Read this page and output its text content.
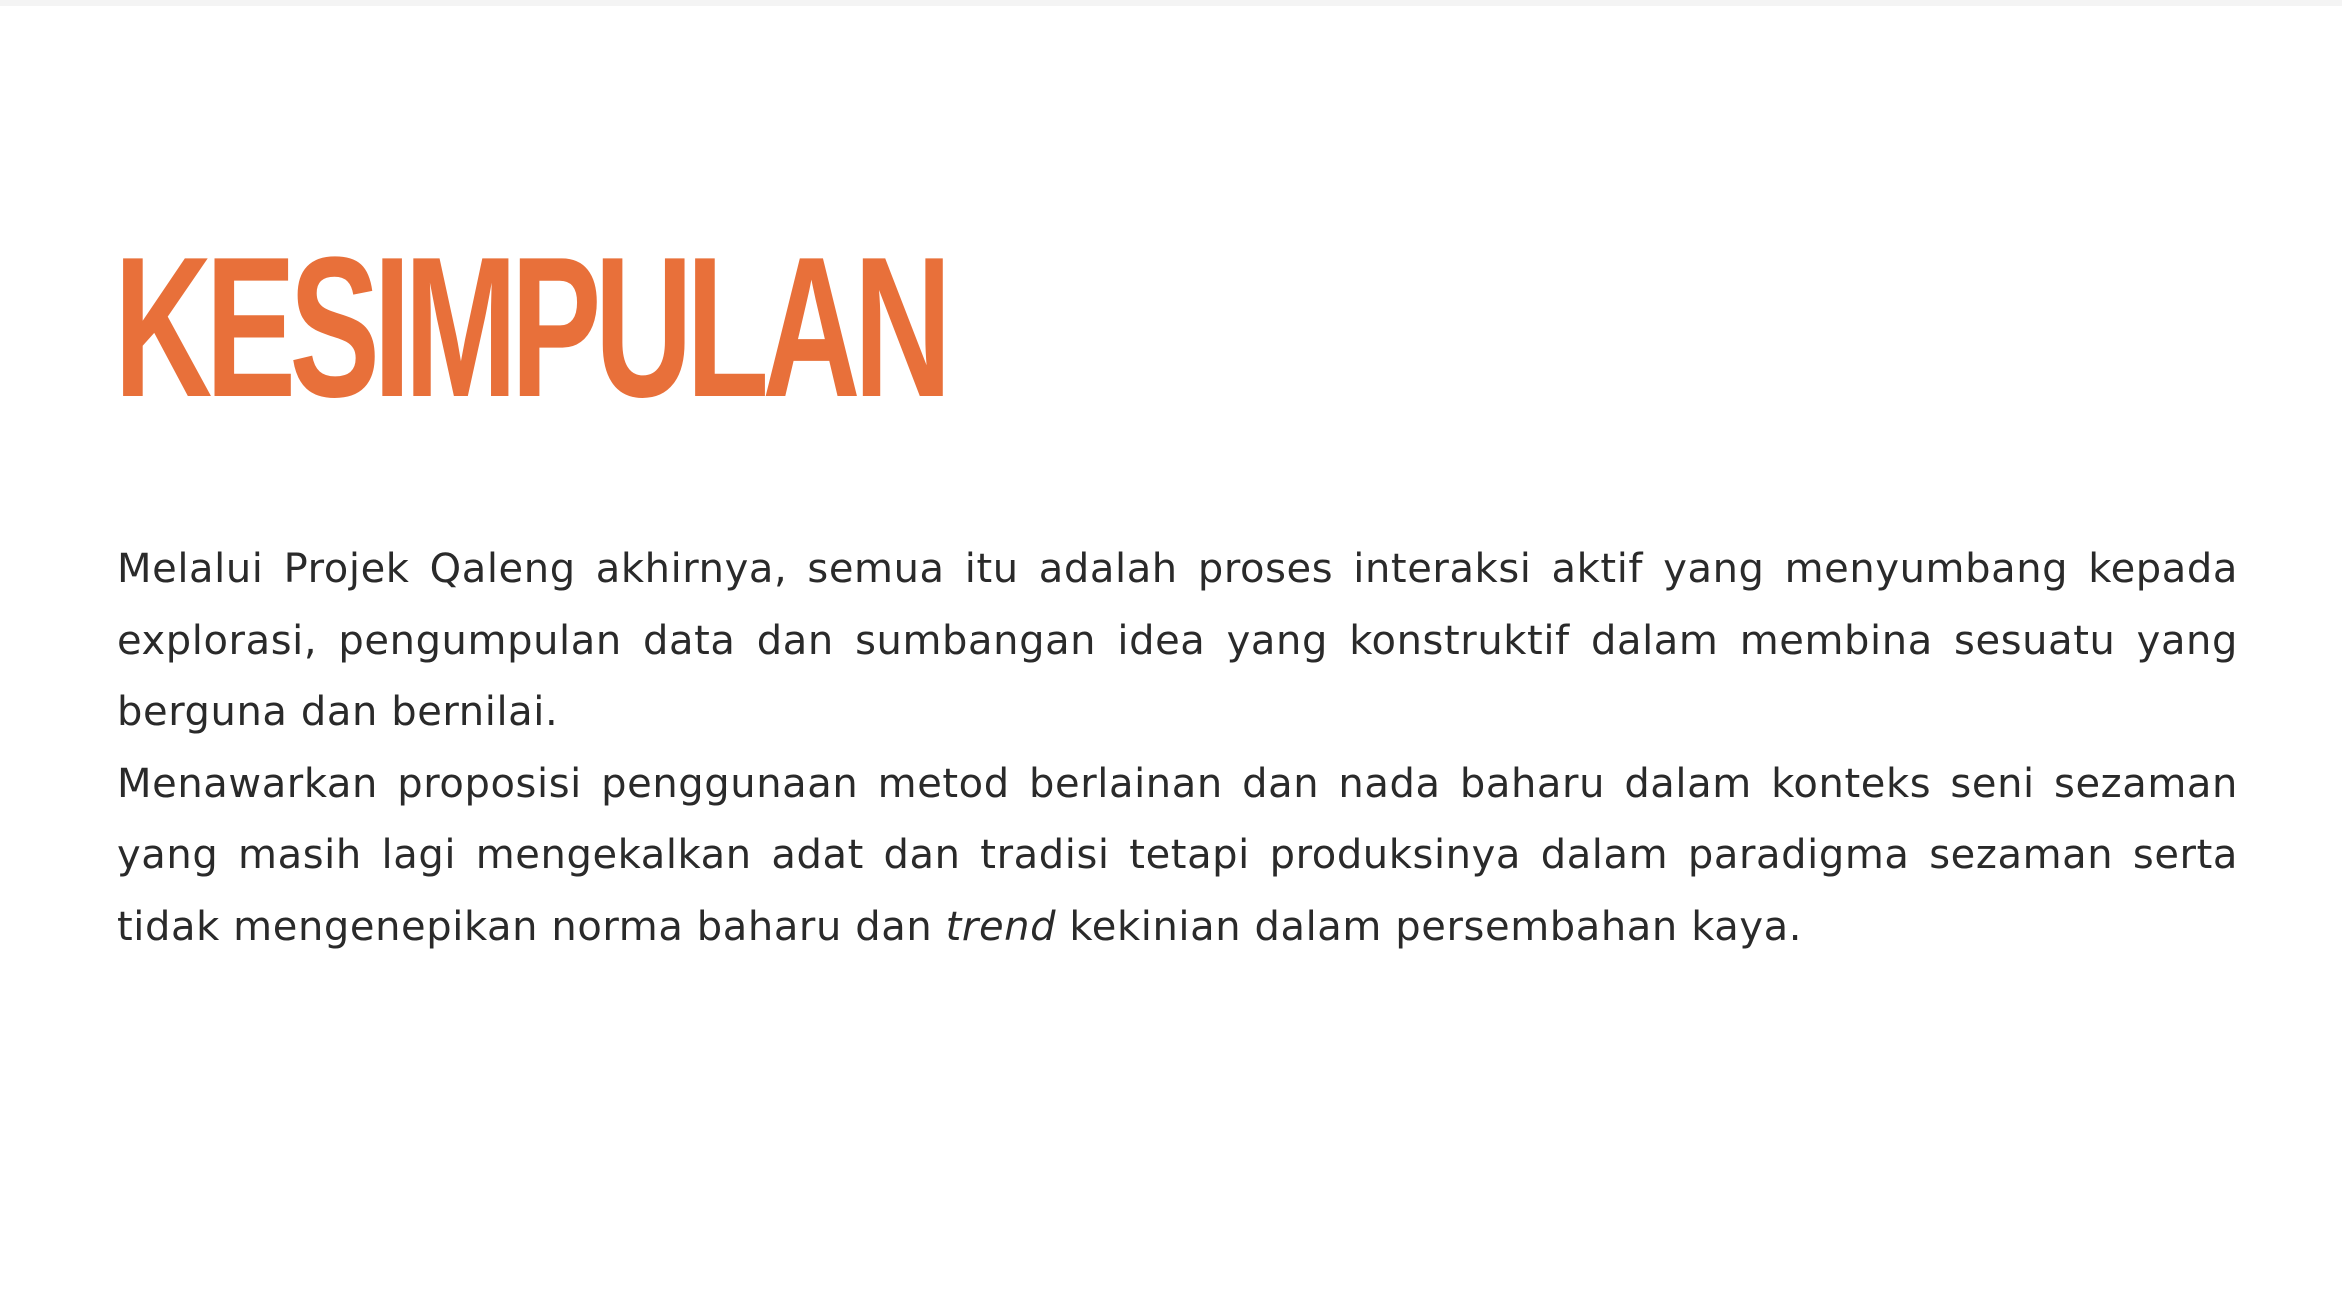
KESIMPULAN

Melalui Projek Qaleng akhirnya, semua itu adalah proses interaksi aktif yang menyumbang kepada explorasi, pengumpulan data dan sumbangan idea yang konstruktif dalam membina sesuatu yang berguna dan bernilai.

Menawarkan proposisi penggunaan metod berlainan dan nada baharu dalam konteks seni sezaman yang masih lagi mengekalkan adat dan tradisi tetapi produksinya dalam paradigma sezaman serta tidak mengenepikan norma baharu dan trend kekinian dalam persembahan kaya.
